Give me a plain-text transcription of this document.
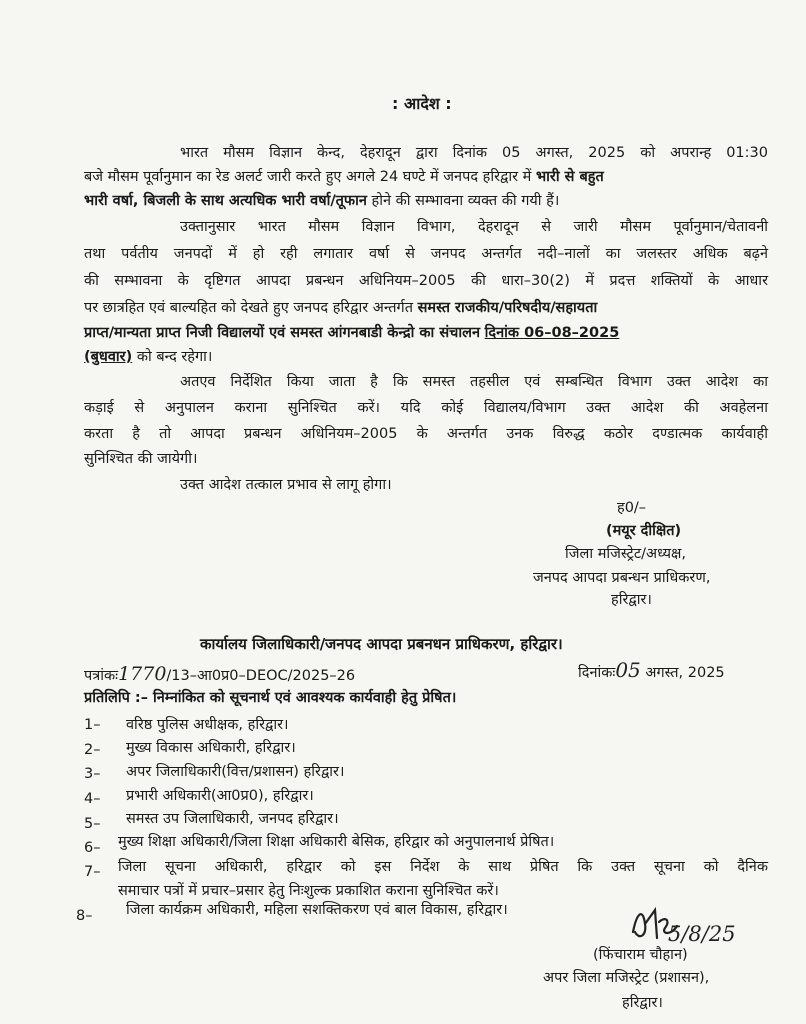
: आदेश :
भारत मौसम विज्ञान केन्द, देहरादून द्वारा दिनांक 05 अगस्त, 2025 को अपरान्ह 01:30
बजे मौसम पूर्वानुमान का रेड अलर्ट जारी करते हुए अगले 24 घण्टे में जनपद हरिद्वार में भारी से बहुत
भारी वर्षा, बिजली के साथ अत्यधिक भारी वर्षा/तूफान होने की सम्भावना व्यक्त की गयी हैं।
उक्तानुसार भारत मौसम विज्ञान विभाग, देहरादून से जारी मौसम पूर्वानुमान/चेतावनी
तथा पर्वतीय जनपदों में हो रही लगातार वर्षा से जनपद अन्तर्गत नदी–नालों का जलस्तर अधिक बढ़ने
की सम्भावना के दृष्टिगत आपदा प्रबन्धन अधिनियम–2005 की धारा–30(2) में प्रदत्त शक्तियों के आधार
पर छात्रहित एवं बाल्यहित को देखते हुए जनपद हरिद्वार अन्तर्गत समस्त राजकीय/परिषदीय/सहायता
प्राप्त/मान्यता प्राप्त निजी विद्यालयों एवं समस्त आंगनबाडी केन्द्रो का संचालन दिनांक 06–08–2025
(बुधवार) को बन्द रहेगा।
अतएव निर्देशित किया जाता है कि समस्त तहसील एवं सम्बन्धित विभाग उक्त आदेश का
कड़ाई से अनुपालन कराना सुनिश्चित करें। यदि कोई विद्यालय/विभाग उक्त आदेश की अवहेलना
करता है तो आपदा प्रबन्धन अधिनियम–2005 के अन्तर्गत उनक विरुद्ध कठोर दण्डात्मक कार्यवाही
सुनिश्चित की जायेगी।
उक्त आदेश तत्काल प्रभाव से लागू होगा।
ह0/–
(मयूर दीक्षित)
जिला मजिस्ट्रेट/अध्यक्ष,
जनपद आपदा प्रबन्धन प्राधिकरण,
हरिद्वार।
कार्यालय जिलाधिकारी/जनपद आपदा प्रबनधन प्राधिकरण, हरिद्वार।
पत्रांकः1770/13–आ0प्र0–DEOC/2025–26	दिनांकः05 अगस्त, 2025
प्रतिलिपि :– निम्नांकित को सूचनार्थ एवं आवश्यक कार्यवाही हेतु प्रेषित।
1– वरिष्ठ पुलिस अधीक्षक, हरिद्वार।
2– मुख्य विकास अधिकारी, हरिद्वार।
3– अपर जिलाधिकारी(वित्त/प्रशासन) हरिद्वार।
4– प्रभारी अधिकारी(आ0प्र0), हरिद्वार।
5– समस्त उप जिलाधिकारी, जनपद हरिद्वार।
6– मुख्य शिक्षा अधिकारी/जिला शिक्षा अधिकारी बेसिक, हरिद्वार को अनुपालनार्थ प्रेषित।
7– जिला सूचना अधिकारी, हरिद्वार को इस निर्देश के साथ प्रेषित कि उक्त सूचना को दैनिक
समाचार पत्रों में प्रचार–प्रसार हेतु निःशुल्क प्रकाशित कराना सुनिश्चित करें।
8– जिला कार्यक्रम अधिकारी, महिला सशक्तिकरण एवं बाल विकास, हरिद्वार।
5/8/25
(फिंचाराम चौहान)
अपर जिला मजिस्ट्रेट (प्रशासन),
हरिद्वार।
